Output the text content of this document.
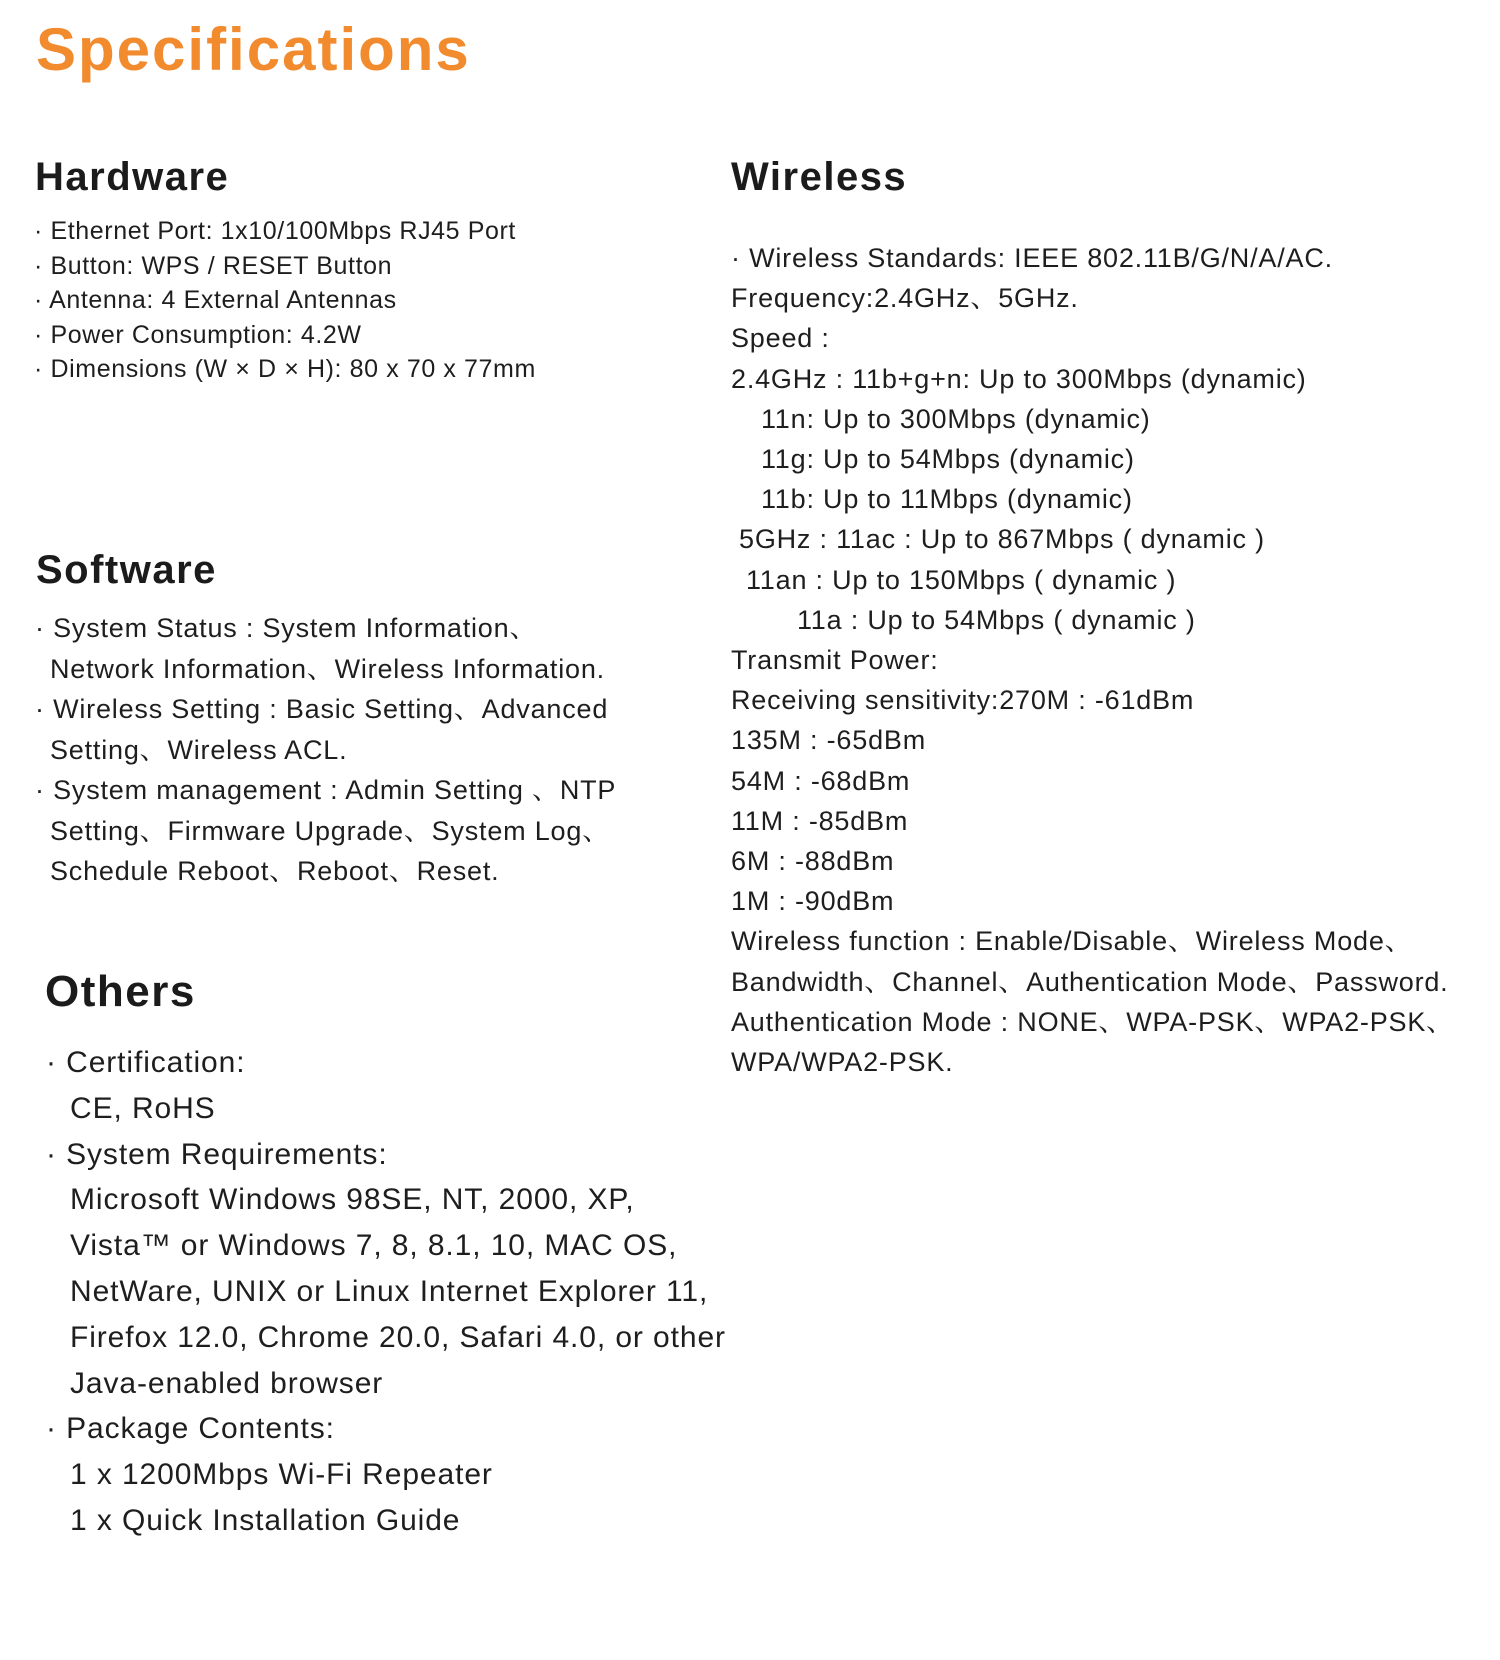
Specifications
Hardware
· Ethernet Port: 1x10/100Mbps RJ45 Port
· Button: WPS / RESET Button
· Antenna: 4 External Antennas
· Power Consumption: 4.2W
· Dimensions (W × D × H): 80 x 70 x 77mm
Software
· System Status : System Information、
Network Information、Wireless Information.
· Wireless Setting : Basic Setting、Advanced
Setting、Wireless ACL.
· System management : Admin Setting 、NTP
Setting、Firmware Upgrade、System Log、
Schedule Reboot、Reboot、Reset.
Others
· Certification:
CE, RoHS
· System Requirements:
Microsoft Windows 98SE, NT, 2000, XP,
Vista™ or Windows 7, 8, 8.1, 10, MAC OS,
NetWare, UNIX or Linux Internet Explorer 11,
Firefox 12.0, Chrome 20.0, Safari 4.0, or other
Java-enabled browser
· Package Contents:
1 x 1200Mbps Wi-Fi Repeater
1 x Quick Installation Guide
Wireless
· Wireless Standards: IEEE 802.11B/G/N/A/AC.
Frequency:2.4GHz、5GHz.
Speed :
2.4GHz : 11b+g+n: Up to 300Mbps (dynamic)
11n: Up to 300Mbps (dynamic)
11g: Up to 54Mbps (dynamic)
11b: Up to 11Mbps (dynamic)
5GHz : 11ac : Up to 867Mbps ( dynamic )
11an : Up to 150Mbps ( dynamic )
11a : Up to 54Mbps ( dynamic )
Transmit Power:
Receiving sensitivity:270M : -61dBm
135M : -65dBm
54M : -68dBm
11M : -85dBm
6M : -88dBm
1M : -90dBm
Wireless function : Enable/Disable、Wireless Mode、
Bandwidth、Channel、Authentication Mode、Password.
Authentication Mode : NONE、WPA-PSK、WPA2-PSK、
WPA/WPA2-PSK.
